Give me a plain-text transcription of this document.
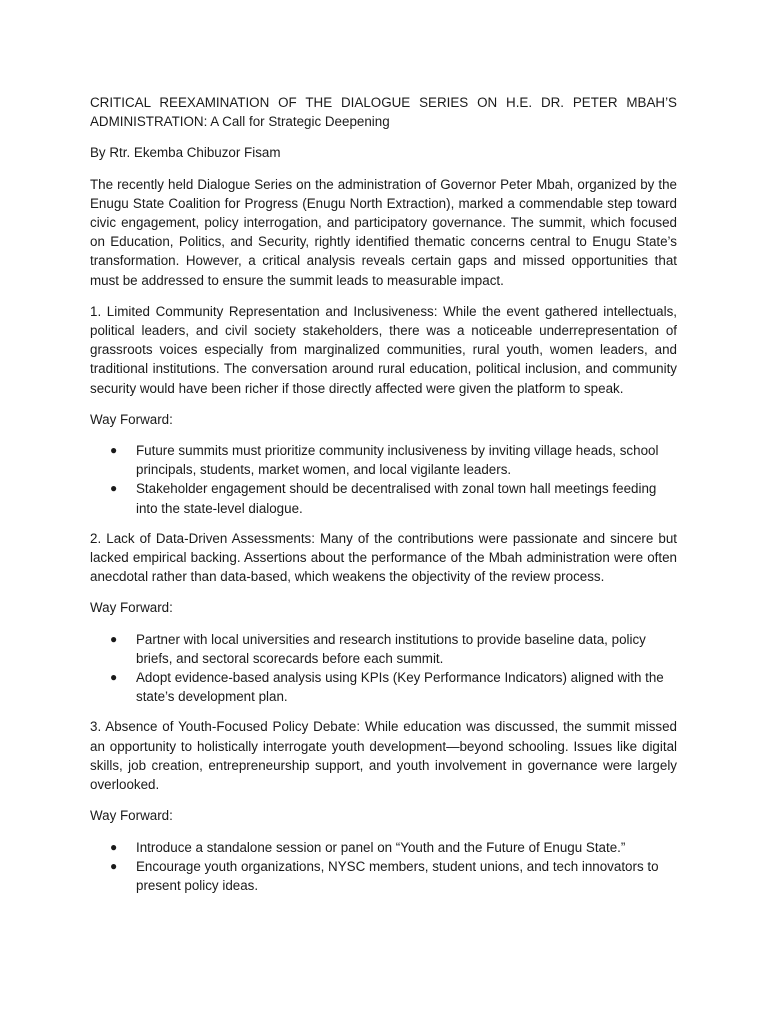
CRITICAL REEXAMINATION OF THE DIALOGUE SERIES ON H.E. DR. PETER MBAH’S ADMINISTRATION: A Call for Strategic Deepening

By Rtr. Ekemba Chibuzor Fisam

The recently held Dialogue Series on the administration of Governor Peter Mbah, organized by the Enugu State Coalition for Progress (Enugu North Extraction), marked a commendable step toward civic engagement, policy interrogation, and participatory governance. The summit, which focused on Education, Politics, and Security, rightly identified thematic concerns central to Enugu State’s transformation. However, a critical analysis reveals certain gaps and missed opportunities that must be addressed to ensure the summit leads to measurable impact.

1. Limited Community Representation and Inclusiveness: While the event gathered intellectuals, political leaders, and civil society stakeholders, there was a noticeable underrepresentation of grassroots voices especially from marginalized communities, rural youth, women leaders, and traditional institutions. The conversation around rural education, political inclusion, and community security would have been richer if those directly affected were given the platform to speak.

Way Forward:

● Future summits must prioritize community inclusiveness by inviting village heads, school principals, students, market women, and local vigilante leaders.
● Stakeholder engagement should be decentralised with zonal town hall meetings feeding into the state-level dialogue.

2. Lack of Data-Driven Assessments: Many of the contributions were passionate and sincere but lacked empirical backing. Assertions about the performance of the Mbah administration were often anecdotal rather than data-based, which weakens the objectivity of the review process.

Way Forward:

● Partner with local universities and research institutions to provide baseline data, policy briefs, and sectoral scorecards before each summit.
● Adopt evidence-based analysis using KPIs (Key Performance Indicators) aligned with the state’s development plan.

3. Absence of Youth-Focused Policy Debate: While education was discussed, the summit missed an opportunity to holistically interrogate youth development—beyond schooling. Issues like digital skills, job creation, entrepreneurship support, and youth involvement in governance were largely overlooked.

Way Forward:

● Introduce a standalone session or panel on “Youth and the Future of Enugu State.”
● Encourage youth organizations, NYSC members, student unions, and tech innovators to present policy ideas.
